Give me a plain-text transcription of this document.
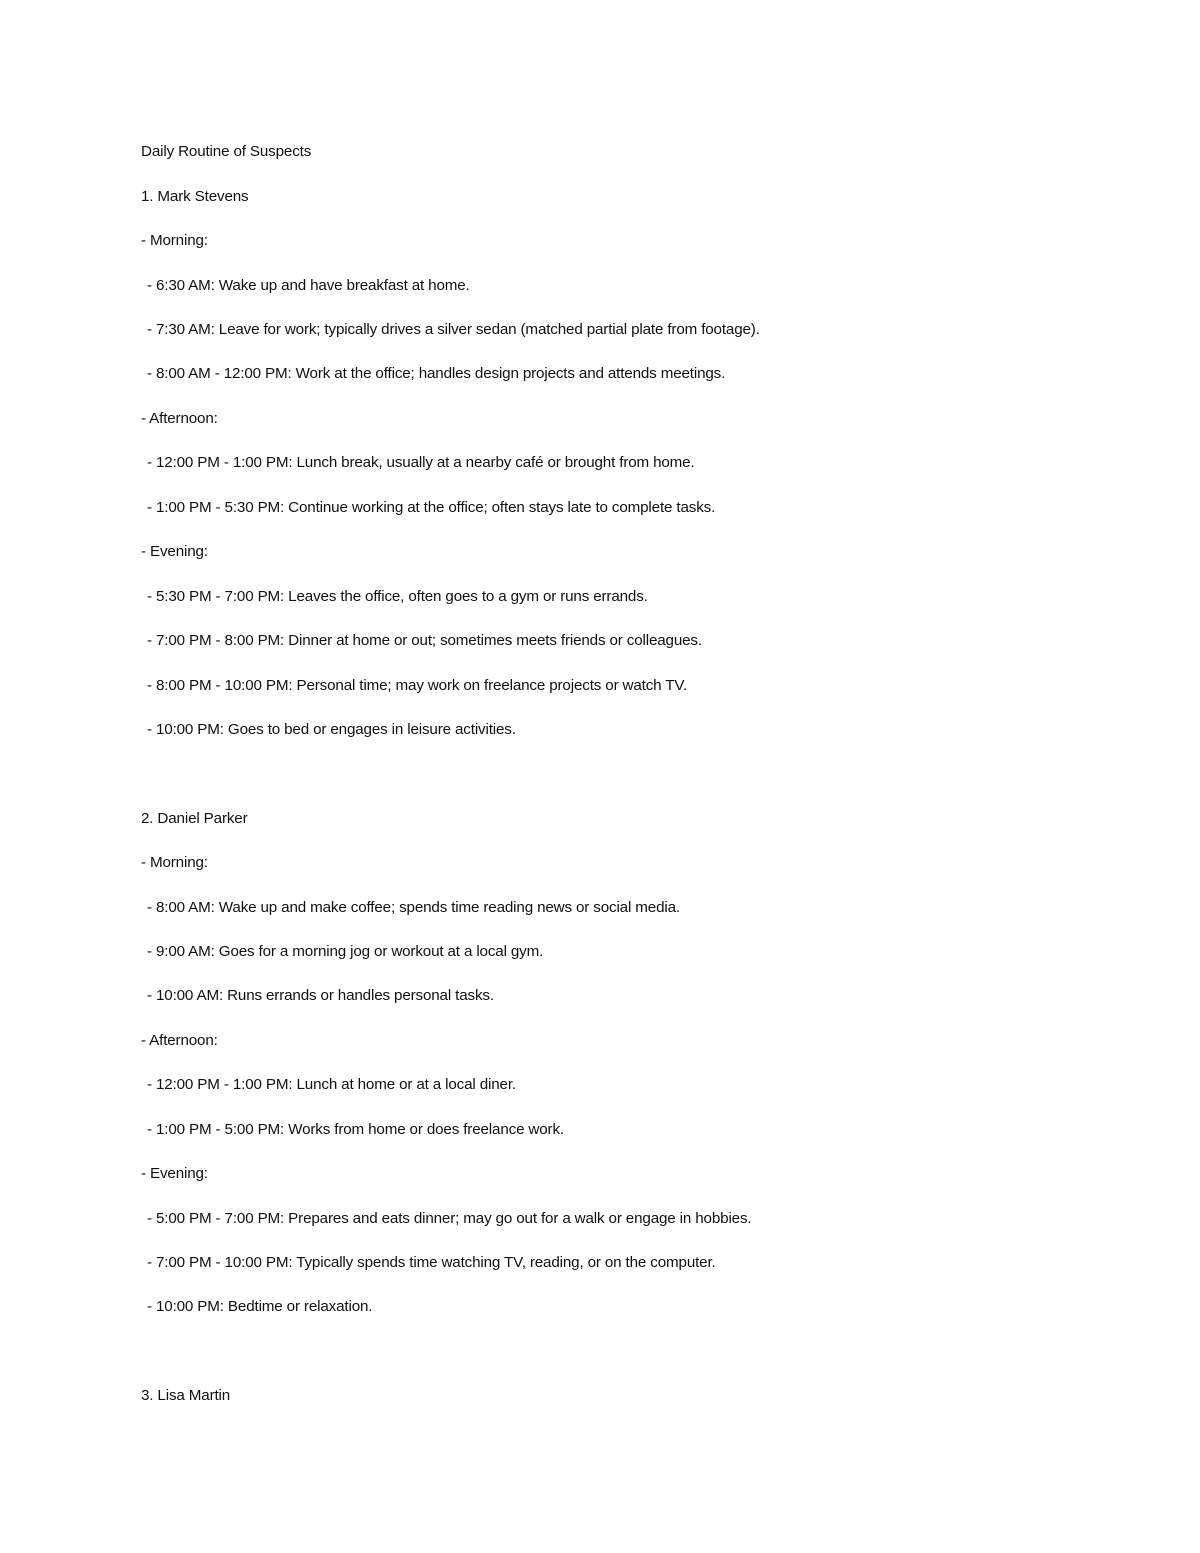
Daily Routine of Suspects
1. Mark Stevens
- Morning:
- 6:30 AM: Wake up and have breakfast at home.
- 7:30 AM: Leave for work; typically drives a silver sedan (matched partial plate from footage).
- 8:00 AM - 12:00 PM: Work at the office; handles design projects and attends meetings.
- Afternoon:
- 12:00 PM - 1:00 PM: Lunch break, usually at a nearby café or brought from home.
- 1:00 PM - 5:30 PM: Continue working at the office; often stays late to complete tasks.
- Evening:
- 5:30 PM - 7:00 PM: Leaves the office, often goes to a gym or runs errands.
- 7:00 PM - 8:00 PM: Dinner at home or out; sometimes meets friends or colleagues.
- 8:00 PM - 10:00 PM: Personal time; may work on freelance projects or watch TV.
- 10:00 PM: Goes to bed or engages in leisure activities.
2. Daniel Parker
- Morning:
- 8:00 AM: Wake up and make coffee; spends time reading news or social media.
- 9:00 AM: Goes for a morning jog or workout at a local gym.
- 10:00 AM: Runs errands or handles personal tasks.
- Afternoon:
- 12:00 PM - 1:00 PM: Lunch at home or at a local diner.
- 1:00 PM - 5:00 PM: Works from home or does freelance work.
- Evening:
- 5:00 PM - 7:00 PM: Prepares and eats dinner; may go out for a walk or engage in hobbies.
- 7:00 PM - 10:00 PM: Typically spends time watching TV, reading, or on the computer.
- 10:00 PM: Bedtime or relaxation.
3. Lisa Martin
